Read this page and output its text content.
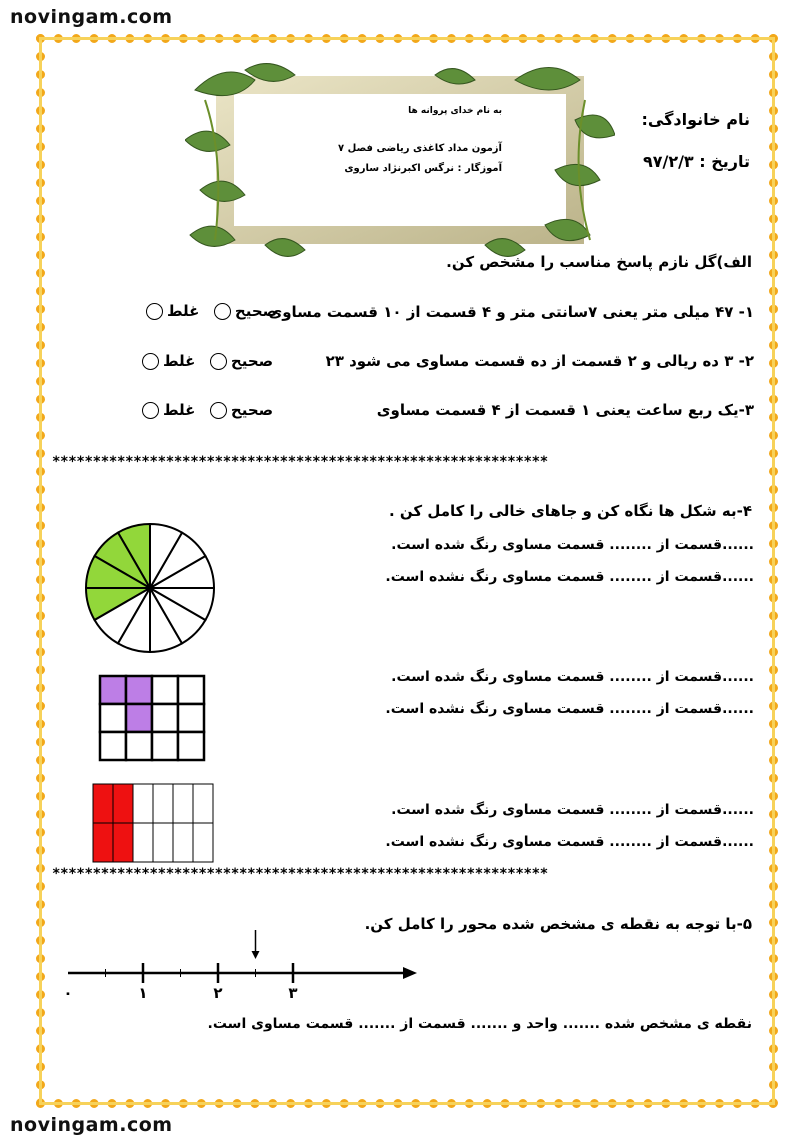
novingam.com
novingam.com
به نام خدای پروانه ها
آزمون مداد کاغذی ریاضی فصل ۷
آموزگار : نرگس اکبرنژاد ساروی
نام خانوادگی:
تاریخ : ۹۷/۲/۳
الف)گل نازم پاسخ مناسب را مشخص کن.
۱- ۴۷ میلی متر یعنی ۷سانتی متر و ۴ قسمت از ۱۰ قسمت مساوی
صحیح  غلط
۲- ۳ ده ریالی و ۲ قسمت از ده قسمت مساوی می شود ۲۳
صحیح  غلط
۳-یک ربع ساعت یعنی ۱ قسمت از ۴ قسمت مساوی
صحیح  غلط
*************************************************************
۴-به شکل ها نگاه کن و جاهای خالی را کامل کن .
......قسمت از ........ قسمت مساوی رنگ شده است.
......قسمت از ........ قسمت مساوی رنگ نشده است.
......قسمت از ........ قسمت مساوی رنگ شده است.
......قسمت از ........ قسمت مساوی رنگ نشده است.
......قسمت از ........ قسمت مساوی رنگ شده است.
......قسمت از ........ قسمت مساوی رنگ نشده است.
*************************************************************
۵-با توجه به نقطه ی مشخص شده محور را کامل کن.
۰	۱	۲	۳
نقطه ی مشخص شده ....... واحد و ....... قسمت از ....... قسمت مساوی است.
